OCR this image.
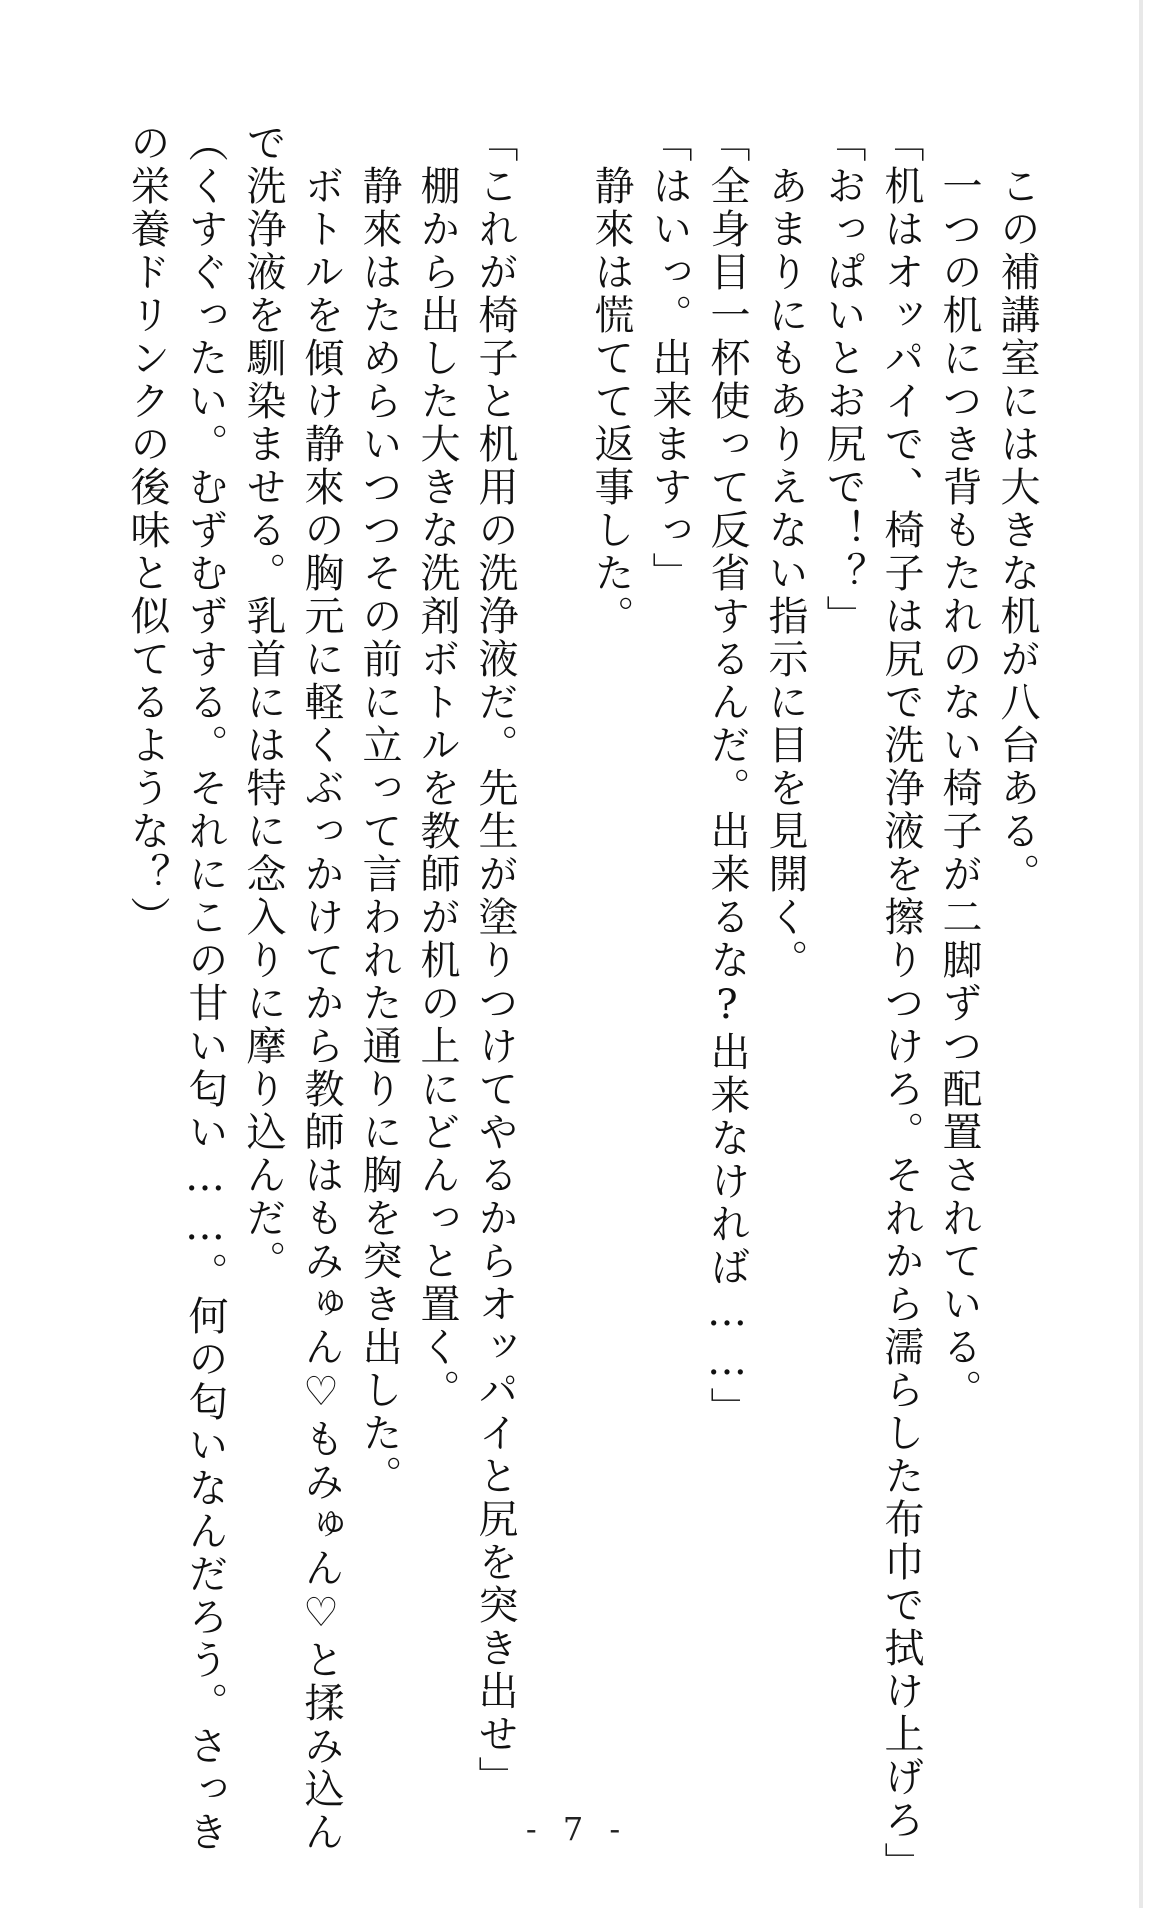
　この補講室には大きな机が八台ある。
　一つの机につき背もたれのない椅子が二脚ずつ配置されている。
「机はオッパイで、椅子は尻で洗浄液を擦りつけろ。それから濡らした布巾で拭け上げろ」
「おっぱいとお尻で！？」
　あまりにもありえない指示に目を見開く。
「全身目一杯使って反省するんだ。出来るな?出来なければ……」
「はいっ。出来ますっ」
　静來は慌てて返事した。
「これが椅子と机用の洗浄液だ。先生が塗りつけてやるからオッパイと尻を突き出せ」
　棚から出した大きな洗剤ボトルを教師が机の上にどんっと置く。
　静來はためらいつつその前に立って言われた通りに胸を突き出した。
　ボトルを傾け静來の胸元に軽くぶっかけてから教師はもみゅん♡もみゅん♡と揉み込ん
で洗浄液を馴染ませる。乳首には特に念入りに摩り込んだ。
（くすぐったい。むずむずする。それにこの甘い匂い……。何の匂いなんだろう。さっき
の栄養ドリンクの後味と似てるような？）
- 7 -
